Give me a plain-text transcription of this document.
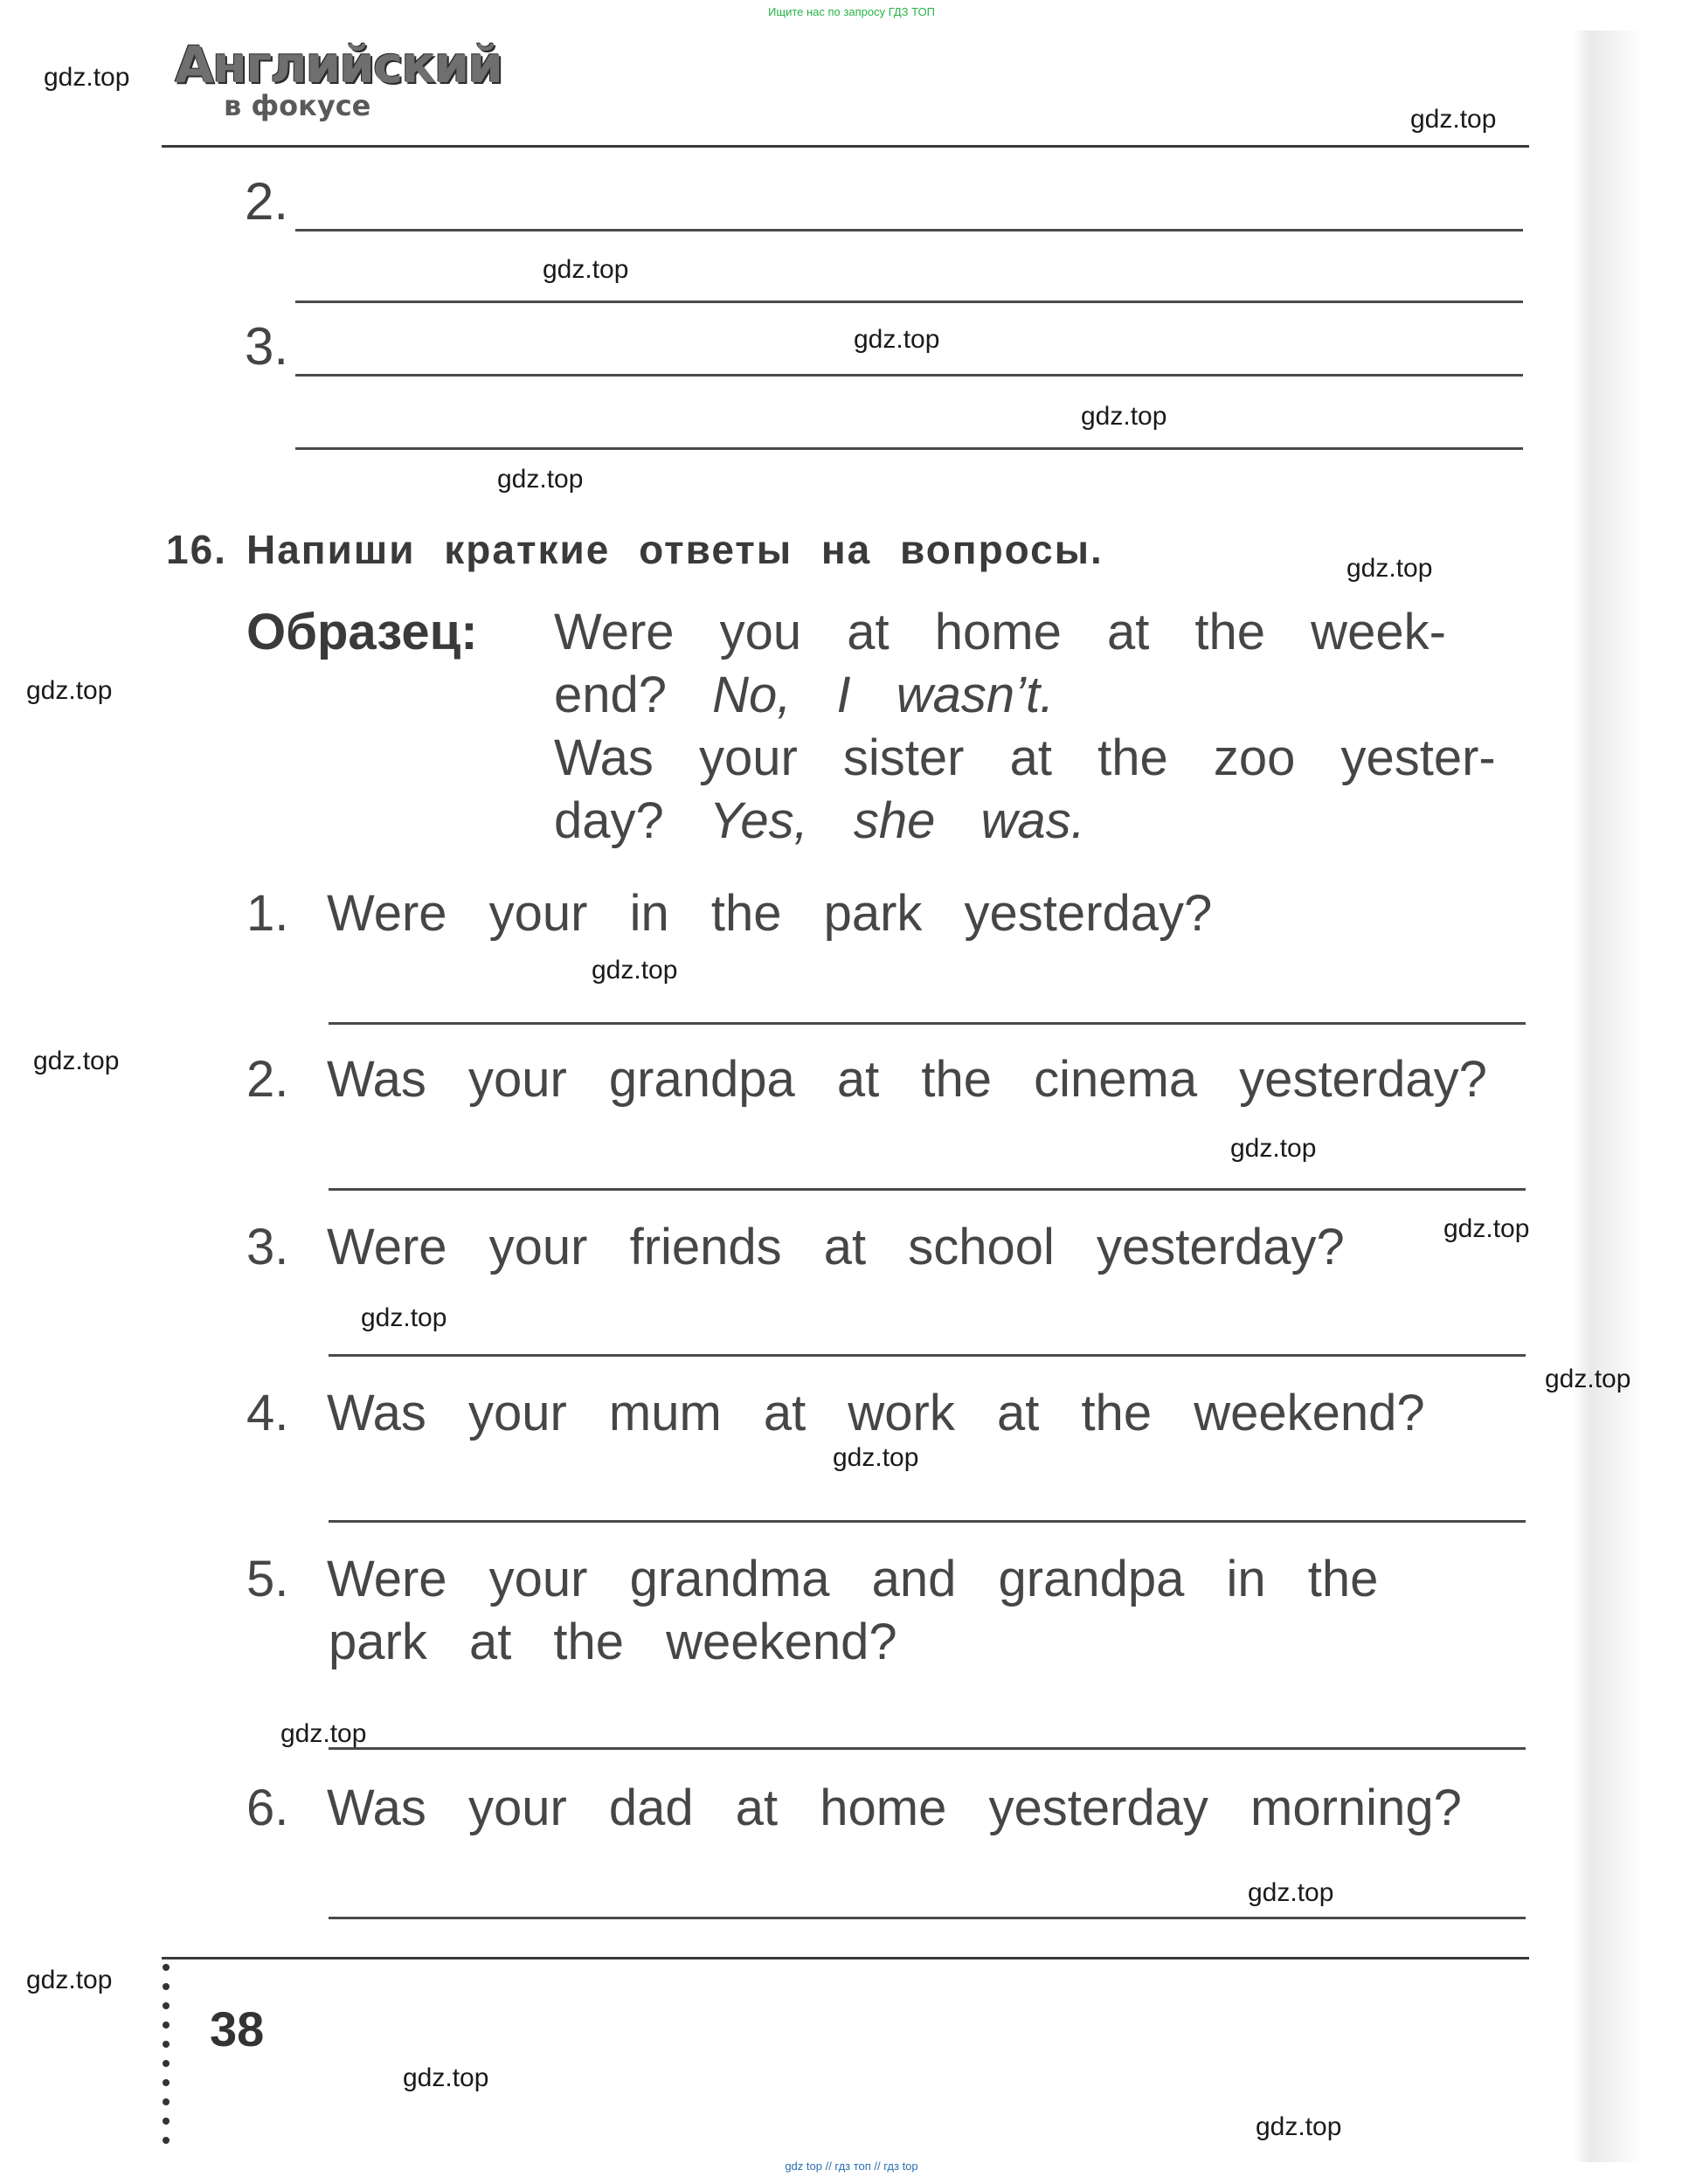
Ищите нас по запросу ГДЗ ТОП
Английский
в фокусе
2.
3.
16. Напиши краткие ответы на вопросы.
Образец: Were you at home at the week-
end? No, I wasn’t.
Was your sister at the zoo yester-
day? Yes, she was.
1. Were your in the park yesterday?
2. Was your grandpa at the cinema yesterday?
3. Were your friends at school yesterday?
4. Was your mum at work at the weekend?
5. Were your grandma and grandpa in the
park at the weekend?
6. Was your dad at home yesterday morning?
38
gdz.top
gdz.top
gdz.top
gdz.top
gdz.top
gdz.top
gdz.top
gdz.top
gdz.top
gdz.top
gdz.top
gdz.top
gdz.top
gdz.top
gdz.top
gdz.top
gdz.top
gdz.top
gdz.top
gdz.top
gdz top // гдз топ // гдз top
